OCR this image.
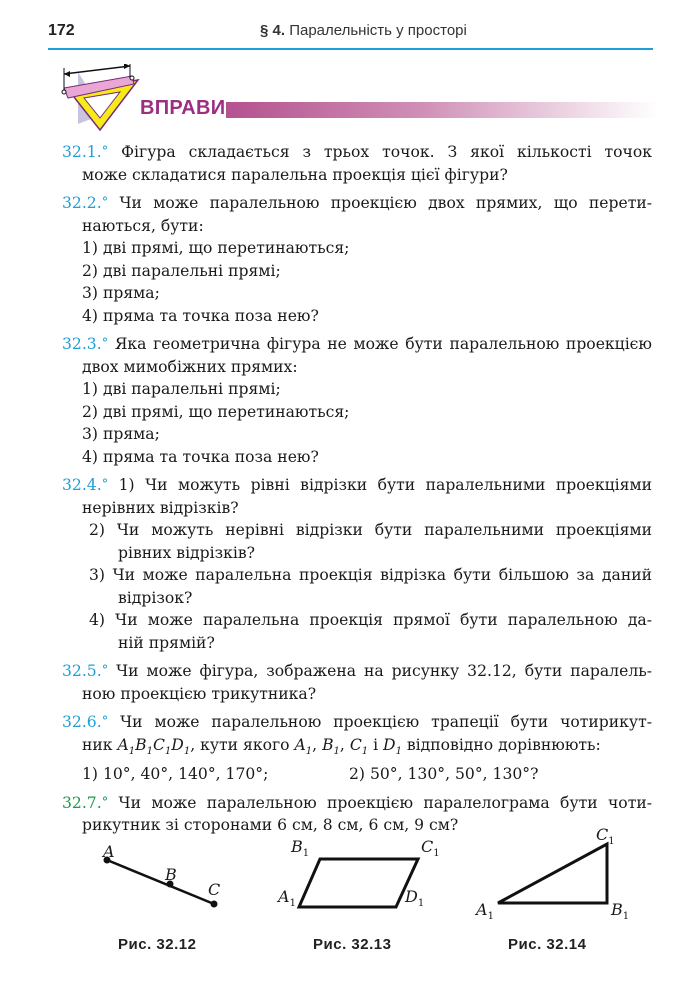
172	§ 4. Паралельність у просторі
ВПРАВИ

32.1.° Фігура складається з трьох точок. З якої кількості точок

може складатися паралельна проекція цієї фігури?

32.2.° Чи може паралельною проекцією двох прямих, що перети-

наються, бути:

1) дві прямі, що перетинаються;

2) дві паралельні прямі;

3) пряма;

4) пряма та точка поза нею?

32.3.° Яка геометрична фігура не може бути паралельною проекцією

двох мимобіжних прямих:

1) дві паралельні прямі;

2) дві прямі, що перетинаються;

3) пряма;

4) пряма та точка поза нею?

32.4.° 1) Чи можуть рівні відрізки бути паралельними проекціями

нерівних відрізків?

2) Чи можуть нерівні відрізки бути паралельними проекціями

рівних відрізків?

3) Чи може паралельна проекція відрізка бути більшою за даний

відрізок?

4) Чи може паралельна проекція прямої бути паралельною да-

ній прямій?

32.5.° Чи може фігура, зображена на рисунку 32.12, бути паралель-

ною проекцією трикутника?

32.6.° Чи може паралельною проекцією трапеції бути чотирикут-

ник $A_1B_1C_1D_1$, кути якого $A_1$, $B_1$, $C_1$ і $D_1$ відповідно дорівнюють:

1) 10°, 40°, 140°, 170°;	2) 50°, 130°, 50°, 130°?

32.7.° Чи може паралельною проекцією паралелограма бути чоти-

рикутник зі сторонами 6 см, 8 см, 6 см, 9 см?

A
B
C
Рис. 32.12
$B_1$	$C_1$
$A_1$	$D_1$
Рис. 32.13
$C_1$
$A_1$	$B_1$
Рис. 32.14
